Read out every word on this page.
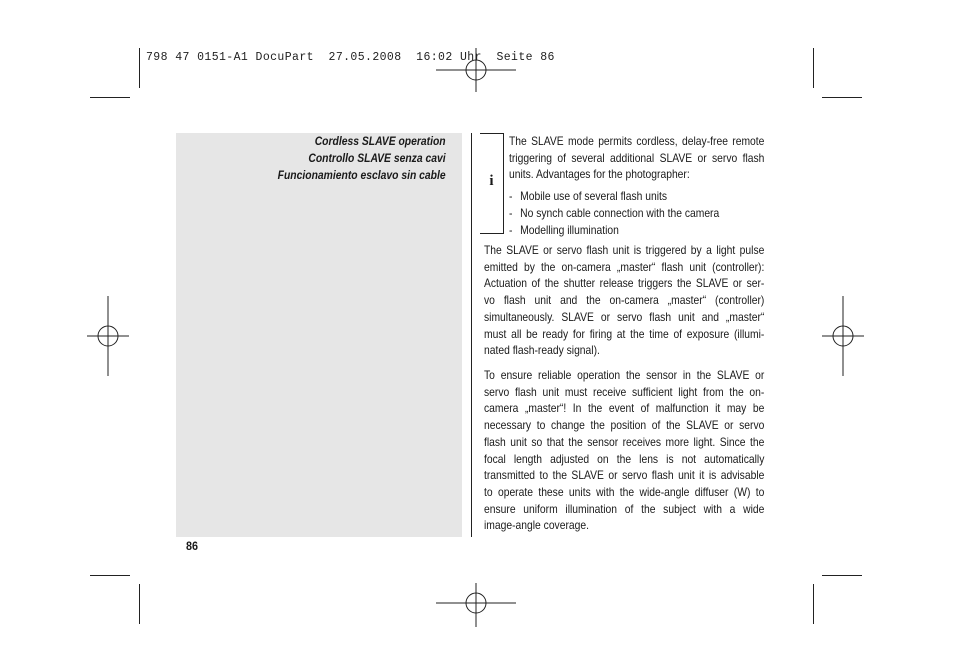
798 47 0151-A1 DocuPart  27.05.2008  16:02 Uhr  Seite 86
Cordless SLAVE operation
Controllo SLAVE senza cavi
Funcionamiento esclavo sin cable	i
The SLAVE mode permits cordless, delay-free remote
triggering of several additional SLAVE or servo flash
units. Advantages for the photographer:
- Mobile use of several flash units
- No synch cable connection with the camera
- Modelling illumination
The SLAVE or servo flash unit is triggered by a light pulse
emitted by the on-camera „master“ flash unit (controller):
Actuation of the shutter release triggers the SLAVE or ser-
vo flash unit and the on-camera „master“ (controller)
simultaneously. SLAVE or servo flash unit and „master“
must all be ready for firing at the time of exposure (illumi-
nated flash-ready signal).
To ensure reliable operation the sensor in the SLAVE or
servo flash unit must receive sufficient light from the on-
camera „master“! In the event of malfunction it may be
necessary to change the position of the SLAVE or servo
flash unit so that the sensor receives more light. Since the
focal length adjusted on the lens is not automatically
transmitted to the SLAVE or servo flash unit it is advisable
to operate these units with the wide-angle diffuser (W) to
ensure uniform illumination of the subject with a wide
image-angle coverage.
86
